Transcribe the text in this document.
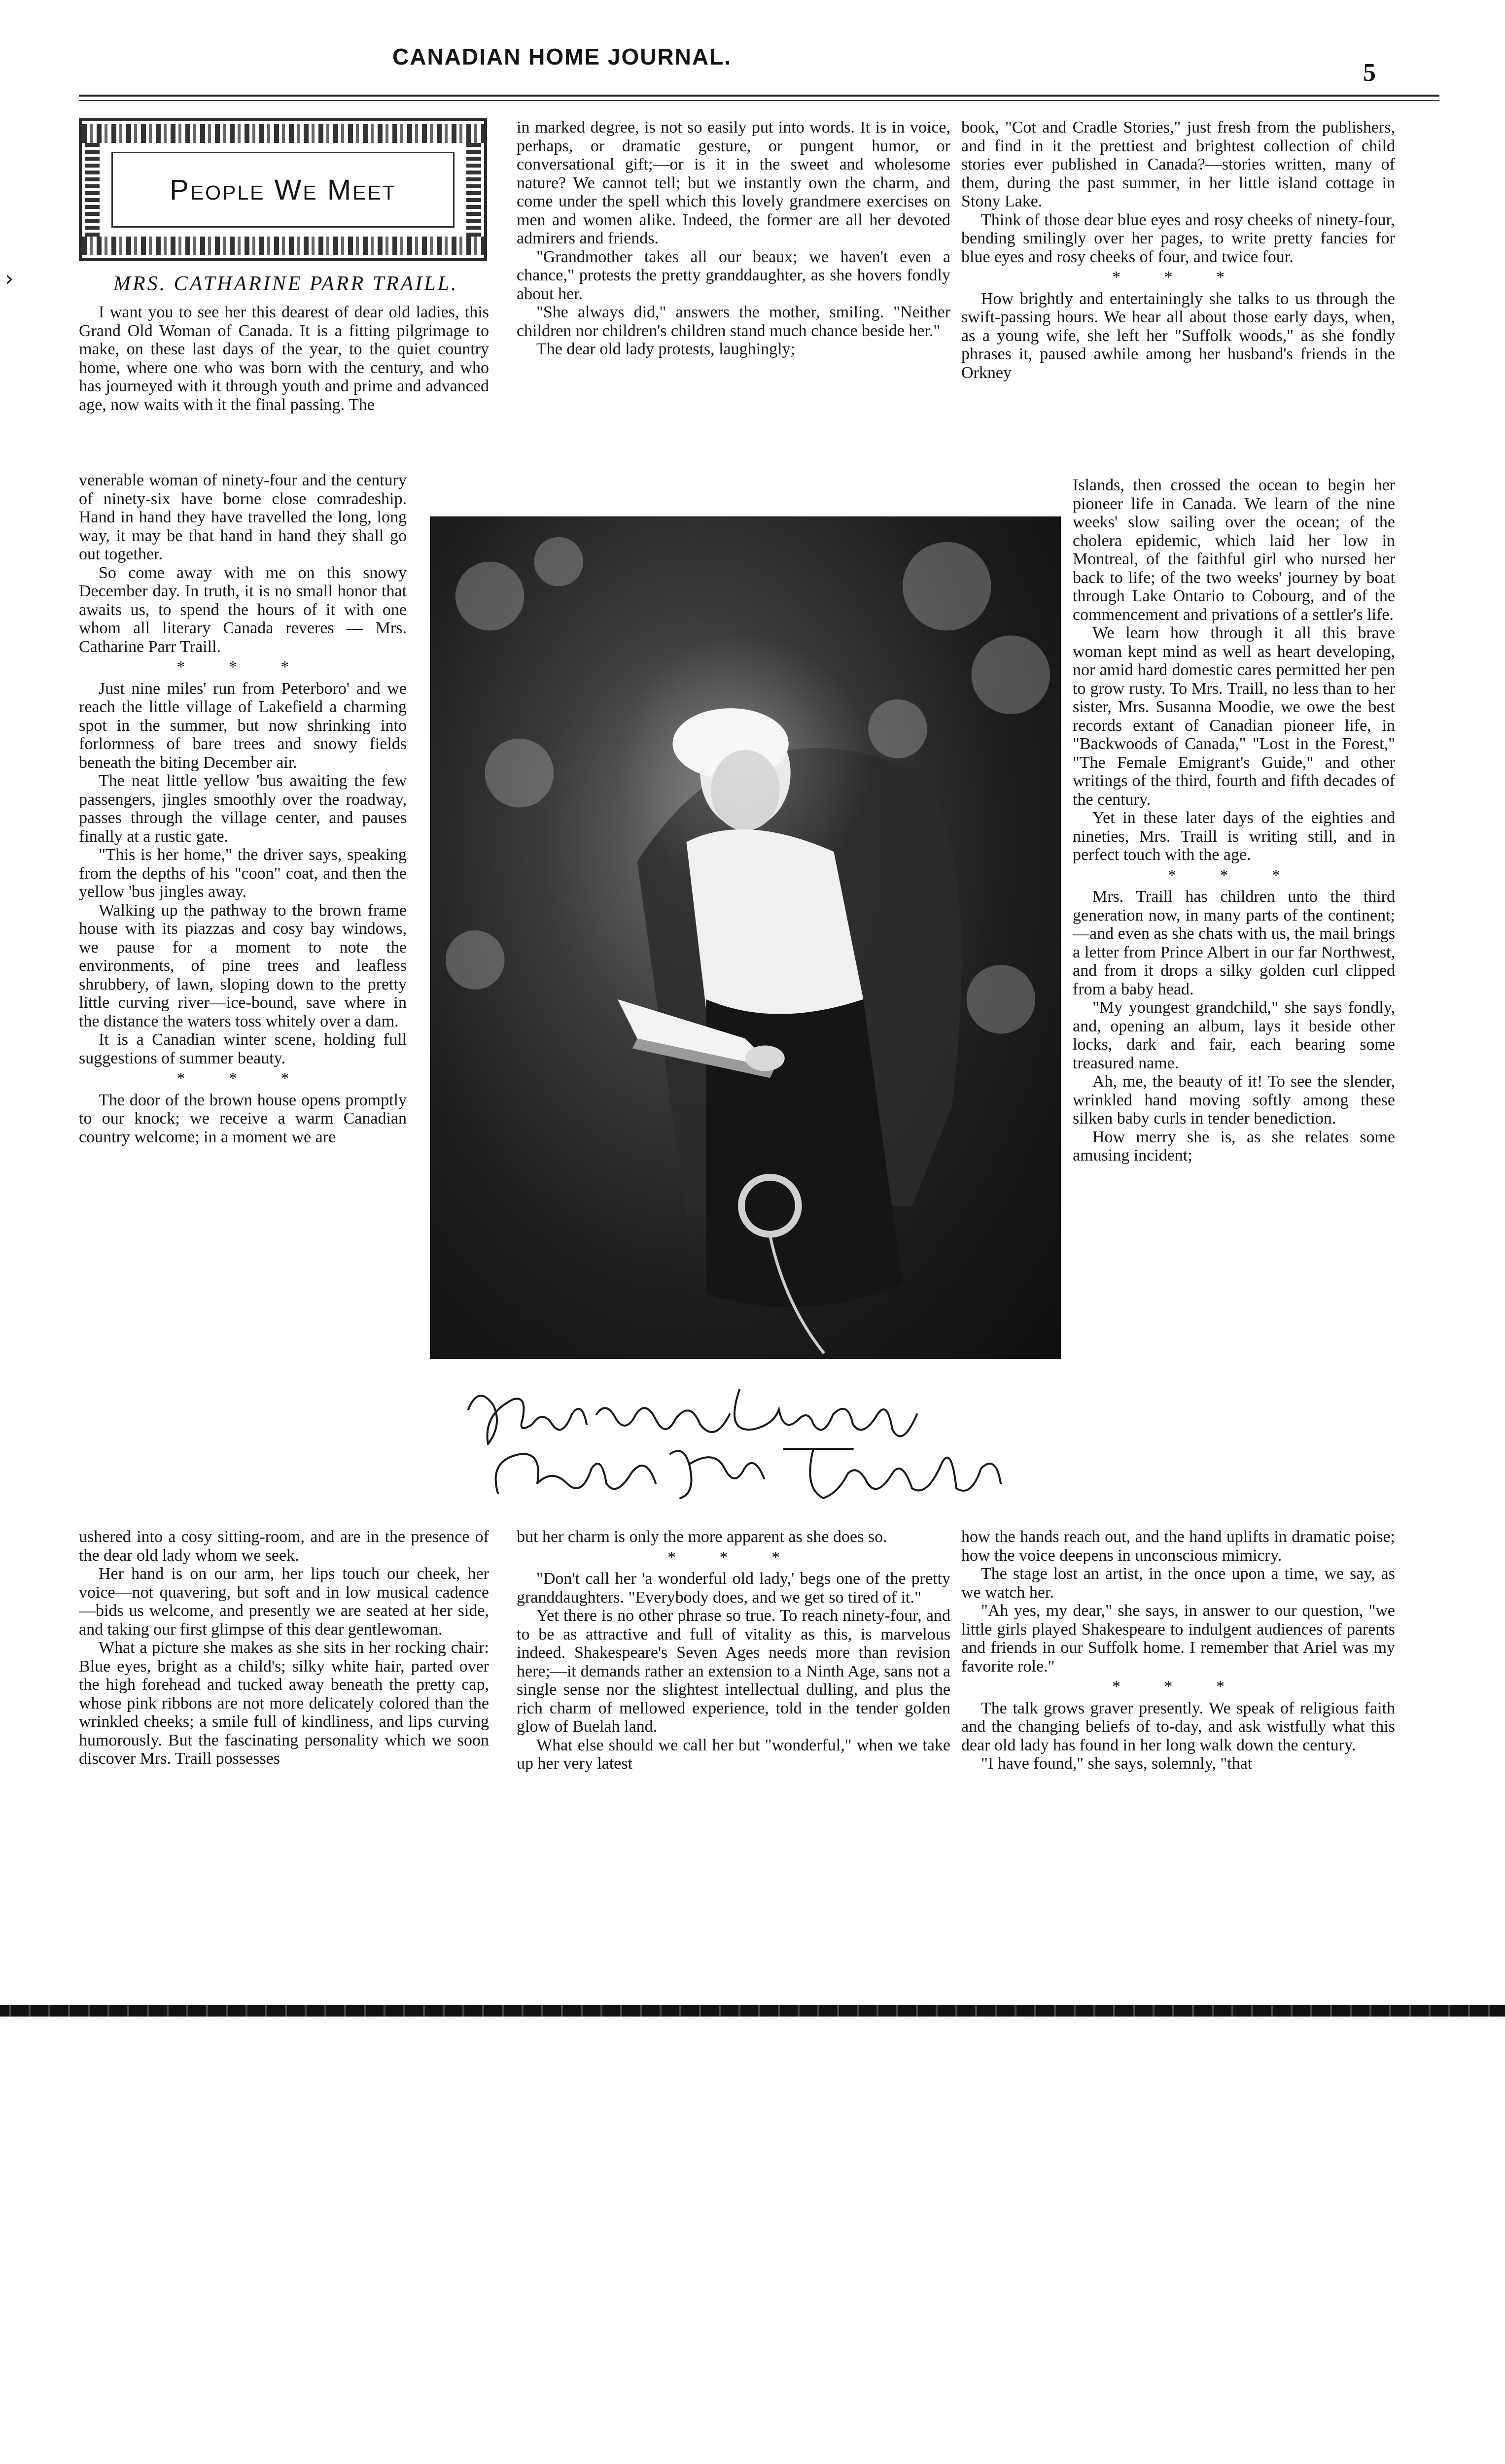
›
CANADIAN HOME JOURNAL.
5
People We Meet
MRS. CATHARINE PARR TRAILL.

I want you to see her this dearest of dear old ladies, this Grand Old Woman of Canada. It is a fitting pilgrimage to make, on these last days of the year, to the quiet country home, where one who was born with the century, and who has journeyed with it through youth and prime and advanced age, now waits with it the final passing. The

venerable woman of ninety-four and the century of ninety-six have borne close comradeship. Hand in hand they have travelled the long, long way, it may be that hand in hand they shall go out together.

So come away with me on this snowy December day. In truth, it is no small honor that awaits us, to spend the hours of it with one whom all literary Canada reveres — Mrs. Catharine Parr Traill.

* * *

Just nine miles' run from Peterboro' and we reach the little village of Lakefield a charming spot in the summer, but now shrinking into forlornness of bare trees and snowy fields beneath the biting December air.

The neat little yellow 'bus awaiting the few passengers, jingles smoothly over the roadway, passes through the village center, and pauses finally at a rustic gate.

"This is her home," the driver says, speaking from the depths of his "coon" coat, and then the yellow 'bus jingles away.

Walking up the pathway to the brown frame house with its piazzas and cosy bay windows, we pause for a moment to note the environments, of pine trees and leafless shrubbery, of lawn, sloping down to the pretty little curving river—ice-bound, save where in the distance the waters toss whitely over a dam.

It is a Canadian winter scene, holding full suggestions of summer beauty.

* * *

The door of the brown house opens promptly to our knock; we receive a warm Canadian country welcome; in a moment we are

ushered into a cosy sitting-room, and are in the presence of the dear old lady whom we seek.

Her hand is on our arm, her lips touch our cheek, her voice—not quavering, but soft and in low musical cadence—bids us welcome, and presently we are seated at her side, and taking our first glimpse of this dear gentlewoman.

What a picture she makes as she sits in her rocking chair: Blue eyes, bright as a child's; silky white hair, parted over the high forehead and tucked away beneath the pretty cap, whose pink ribbons are not more delicately colored than the wrinkled cheeks; a smile full of kindliness, and lips curving humorously. But the fascinating personality which we soon discover Mrs. Traill possesses

in marked degree, is not so easily put into words. It is in voice, perhaps, or dramatic gesture, or pungent humor, or conversational gift;—or is it in the sweet and wholesome nature? We cannot tell; but we instantly own the charm, and come under the spell which this lovely grandmere exercises on men and women alike. Indeed, the former are all her devoted admirers and friends.

"Grandmother takes all our beaux; we haven't even a chance," protests the pretty granddaughter, as she hovers fondly about her.

"She always did," answers the mother, smiling. "Neither children nor children's children stand much chance beside her."

The dear old lady protests, laughingly;

but her charm is only the more apparent as she does so.

* * *

"Don't call her 'a wonderful old lady,' begs one of the pretty granddaughters. "Everybody does, and we get so tired of it."

Yet there is no other phrase so true. To reach ninety-four, and to be as attractive and full of vitality as this, is marvelous indeed. Shakespeare's Seven Ages needs more than revision here;—it demands rather an extension to a Ninth Age, sans not a single sense nor the slightest intellectual dulling, and plus the rich charm of mellowed experience, told in the tender golden glow of Buelah land.

What else should we call her but "wonderful," when we take up her very latest

book, "Cot and Cradle Stories," just fresh from the publishers, and find in it the prettiest and brightest collection of child stories ever published in Canada?—stories written, many of them, during the past summer, in her little island cottage in Stony Lake.

Think of those dear blue eyes and rosy cheeks of ninety-four, bending smilingly over her pages, to write pretty fancies for blue eyes and rosy cheeks of four, and twice four.

* * *

How brightly and entertainingly she talks to us through the swift-passing hours. We hear all about those early days, when, as a young wife, she left her "Suffolk woods," as she fondly phrases it, paused awhile among her husband's friends in the Orkney

Islands, then crossed the ocean to begin her pioneer life in Canada. We learn of the nine weeks' slow sailing over the ocean; of the cholera epidemic, which laid her low in Montreal, of the faithful girl who nursed her back to life; of the two weeks' journey by boat through Lake Ontario to Cobourg, and of the commencement and privations of a settler's life.

We learn how through it all this brave woman kept mind as well as heart developing, nor amid hard domestic cares permitted her pen to grow rusty. To Mrs. Traill, no less than to her sister, Mrs. Susanna Moodie, we owe the best records extant of Canadian pioneer life, in "Backwoods of Canada," "Lost in the Forest," "The Female Emigrant's Guide," and other writings of the third, fourth and fifth decades of the century.

Yet in these later days of the eighties and nineties, Mrs. Traill is writing still, and in perfect touch with the age.

* * *

Mrs. Traill has children unto the third generation now, in many parts of the continent;—and even as she chats with us, the mail brings a letter from Prince Albert in our far Northwest, and from it drops a silky golden curl clipped from a baby head.

"My youngest grandchild," she says fondly, and, opening an album, lays it beside other locks, dark and fair, each bearing some treasured name.

Ah, me, the beauty of it! To see the slender, wrinkled hand moving softly among these silken baby curls in tender benediction.

How merry she is, as she relates some amusing incident;

how the hands reach out, and the hand uplifts in dramatic poise; how the voice deepens in unconscious mimicry.

The stage lost an artist, in the once upon a time, we say, as we watch her.

"Ah yes, my dear," she says, in answer to our question, "we little girls played Shakespeare to indulgent audiences of parents and friends in our Suffolk home. I remember that Ariel was my favorite role."

* * *

The talk grows graver presently. We speak of religious faith and the changing beliefs of to-day, and ask wistfully what this dear old lady has found in her long walk down the century.

"I have found," she says, solemnly, "that
